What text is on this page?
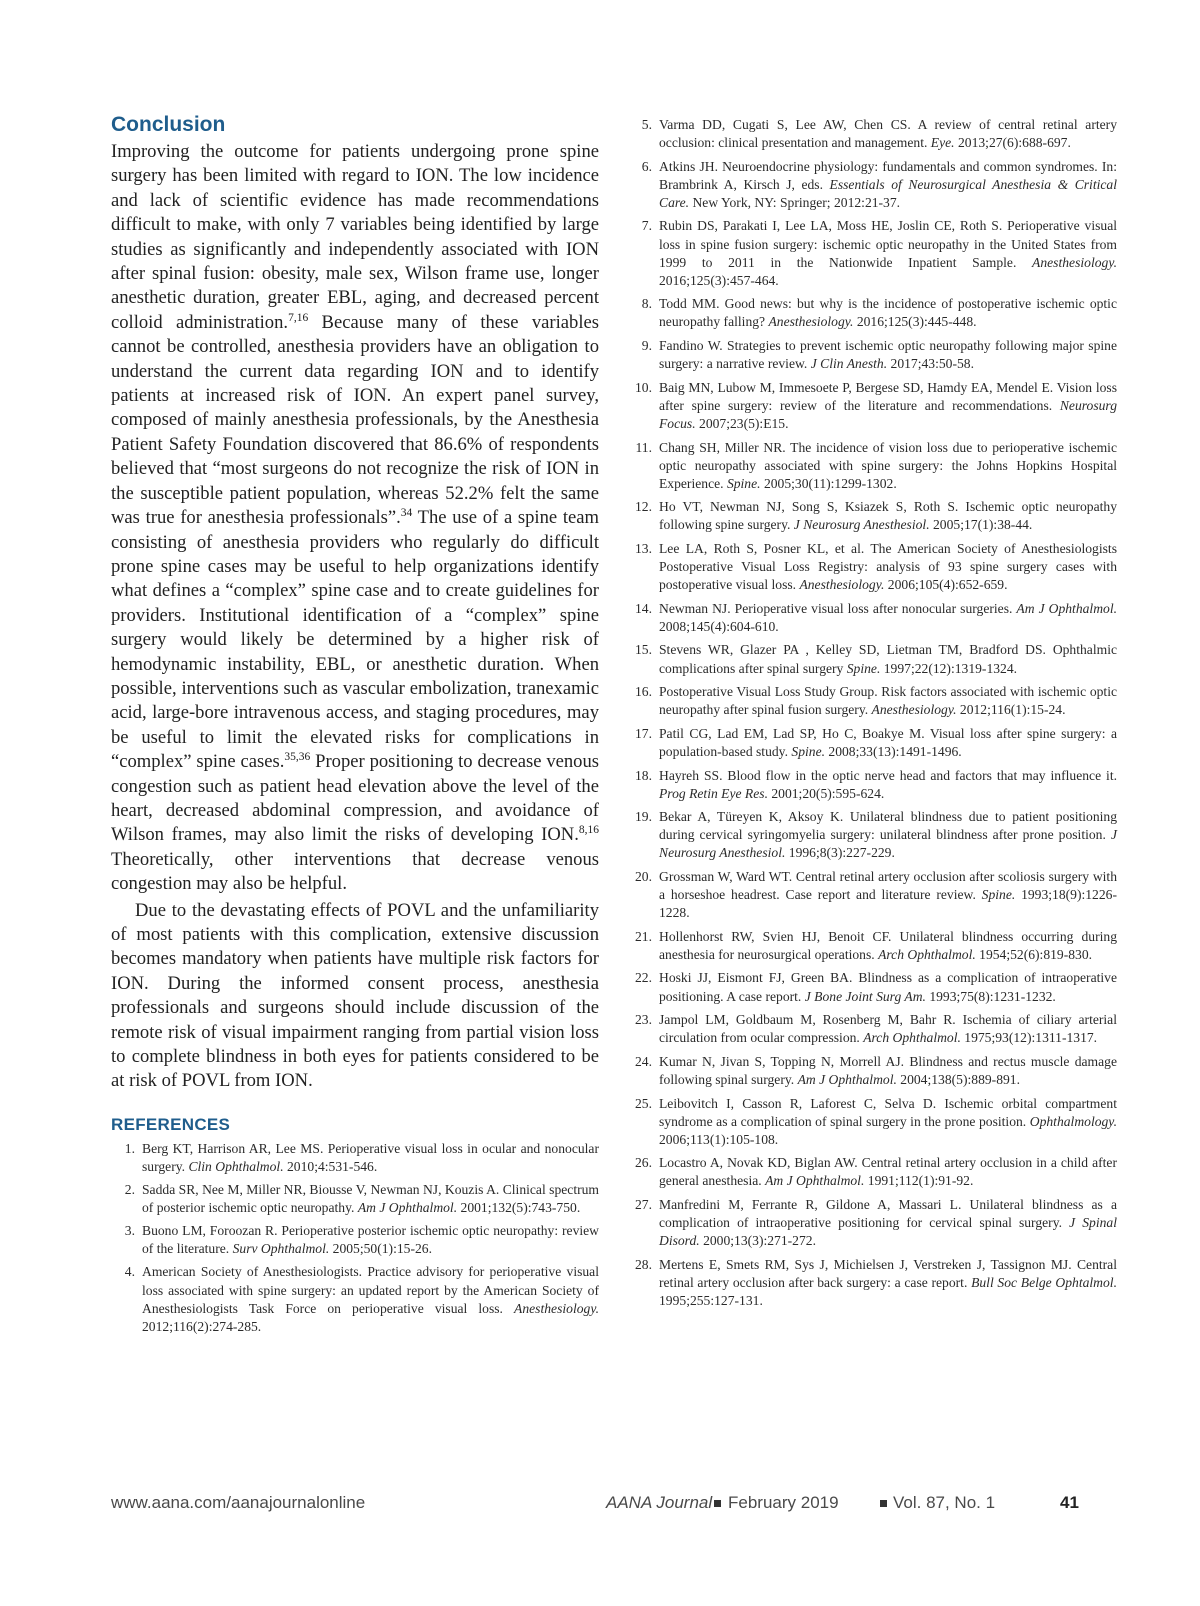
Conclusion

Improving the outcome for patients undergoing prone spine surgery has been limited with regard to ION. The low incidence and lack of scientific evidence has made recommendations difficult to make, with only 7 variables being identified by large studies as significantly and independently associated with ION after spinal fusion: obesity, male sex, Wilson frame use, longer anesthetic duration, greater EBL, aging, and decreased percent colloid administration.$^{7,16}$ Because many of these variables cannot be controlled, anesthesia providers have an obligation to understand the current data regarding ION and to identify patients at increased risk of ION. An expert panel survey, composed of mainly anesthesia professionals, by the Anesthesia Patient Safety Foundation discovered that 86.6% of respondents believed that “most surgeons do not recognize the risk of ION in the susceptible patient population, whereas 52.2% felt the same was true for anesthesia professionals”.$^{34}$ The use of a spine team consisting of anesthesia providers who regularly do difficult prone spine cases may be useful to help organizations identify what defines a “complex” spine case and to create guidelines for providers. Institutional identification of a “complex” spine surgery would likely be determined by a higher risk of hemodynamic instability, EBL, or anesthetic duration. When possible, interventions such as vascular embolization, tranexamic acid, large-bore intravenous access, and staging procedures, may be useful to limit the elevated risks for complications in “complex” spine cases.$^{35,36}$ Proper positioning to decrease venous congestion such as patient head elevation above the level of the heart, decreased abdominal compression, and avoidance of Wilson frames, may also limit the risks of developing ION.$^{8,16}$ Theoretically, other interventions that decrease venous congestion may also be helpful.

Due to the devastating effects of POVL and the unfamiliarity of most patients with this complication, extensive discussion becomes mandatory when patients have multiple risk factors for ION. During the informed consent process, anesthesia professionals and surgeons should include discussion of the remote risk of visual impairment ranging from partial vision loss to complete blindness in both eyes for patients considered to be at risk of POVL from ION.

REFERENCES
1. Berg KT, Harrison AR, Lee MS. Perioperative visual loss in ocular and nonocular surgery. Clin Ophthalmol. 2010;4:531-546.
2. Sadda SR, Nee M, Miller NR, Biousse V, Newman NJ, Kouzis A. Clinical spectrum of posterior ischemic optic neuropathy. Am J Ophthalmol. 2001;132(5):743-750.
3. Buono LM, Foroozan R. Perioperative posterior ischemic optic neuropathy: review of the literature. Surv Ophthalmol. 2005;50(1):15-26.
4. American Society of Anesthesiologists. Practice advisory for perioperative visual loss associated with spine surgery: an updated report by the American Society of Anesthesiologists Task Force on perioperative visual loss. Anesthesiology. 2012;116(2):274-285.
5. Varma DD, Cugati S, Lee AW, Chen CS. A review of central retinal artery occlusion: clinical presentation and management. Eye. 2013;27(6):688-697.
6. Atkins JH. Neuroendocrine physiology: fundamentals and common syndromes. In: Brambrink A, Kirsch J, eds. Essentials of Neurosurgical Anesthesia & Critical Care. New York, NY: Springer; 2012:21-37.
7. Rubin DS, Parakati I, Lee LA, Moss HE, Joslin CE, Roth S. Perioperative visual loss in spine fusion surgery: ischemic optic neuropathy in the United States from 1999 to 2011 in the Nationwide Inpatient Sample. Anesthesiology. 2016;125(3):457-464.
8. Todd MM. Good news: but why is the incidence of postoperative ischemic optic neuropathy falling? Anesthesiology. 2016;125(3):445-448.
9. Fandino W. Strategies to prevent ischemic optic neuropathy following major spine surgery: a narrative review. J Clin Anesth. 2017;43:50-58.
10. Baig MN, Lubow M, Immesoete P, Bergese SD, Hamdy EA, Mendel E. Vision loss after spine surgery: review of the literature and recommendations. Neurosurg Focus. 2007;23(5):E15.
11. Chang SH, Miller NR. The incidence of vision loss due to perioperative ischemic optic neuropathy associated with spine surgery: the Johns Hopkins Hospital Experience. Spine. 2005;30(11):1299-1302.
12. Ho VT, Newman NJ, Song S, Ksiazek S, Roth S. Ischemic optic neuropathy following spine surgery. J Neurosurg Anesthesiol. 2005;17(1):38-44.
13. Lee LA, Roth S, Posner KL, et al. The American Society of Anesthesiologists Postoperative Visual Loss Registry: analysis of 93 spine surgery cases with postoperative visual loss. Anesthesiology. 2006;105(4):652-659.
14. Newman NJ. Perioperative visual loss after nonocular surgeries. Am J Ophthalmol. 2008;145(4):604-610.
15. Stevens WR, Glazer PA , Kelley SD, Lietman TM, Bradford DS. Ophthalmic complications after spinal surgery Spine. 1997;22(12):1319-1324.
16. Postoperative Visual Loss Study Group. Risk factors associated with ischemic optic neuropathy after spinal fusion surgery. Anesthesiology. 2012;116(1):15-24.
17. Patil CG, Lad EM, Lad SP, Ho C, Boakye M. Visual loss after spine surgery: a population-based study. Spine. 2008;33(13):1491-1496.
18. Hayreh SS. Blood flow in the optic nerve head and factors that may influence it. Prog Retin Eye Res. 2001;20(5):595-624.
19. Bekar A, Türeyen K, Aksoy K. Unilateral blindness due to patient positioning during cervical syringomyelia surgery: unilateral blindness after prone position. J Neurosurg Anesthesiol. 1996;8(3):227-229.
20. Grossman W, Ward WT. Central retinal artery occlusion after scoliosis surgery with a horseshoe headrest. Case report and literature review. Spine. 1993;18(9):1226-1228.
21. Hollenhorst RW, Svien HJ, Benoit CF. Unilateral blindness occurring during anesthesia for neurosurgical operations. Arch Ophthalmol. 1954;52(6):819-830.
22. Hoski JJ, Eismont FJ, Green BA. Blindness as a complication of intraoperative positioning. A case report. J Bone Joint Surg Am. 1993;75(8):1231-1232.
23. Jampol LM, Goldbaum M, Rosenberg M, Bahr R. Ischemia of ciliary arterial circulation from ocular compression. Arch Ophthalmol. 1975;93(12):1311-1317.
24. Kumar N, Jivan S, Topping N, Morrell AJ. Blindness and rectus muscle damage following spinal surgery. Am J Ophthalmol. 2004;138(5):889-891.
25. Leibovitch I, Casson R, Laforest C, Selva D. Ischemic orbital compartment syndrome as a complication of spinal surgery in the prone position. Ophthalmology. 2006;113(1):105-108.
26. Locastro A, Novak KD, Biglan AW. Central retinal artery occlusion in a child after general anesthesia. Am J Ophthalmol. 1991;112(1):91-92.
27. Manfredini M, Ferrante R, Gildone A, Massari L. Unilateral blindness as a complication of intraoperative positioning for cervical spinal surgery. J Spinal Disord. 2000;13(3):271-272.
28. Mertens E, Smets RM, Sys J, Michielsen J, Verstreken J, Tassignon MJ. Central retinal artery occlusion after back surgery: a case report. Bull Soc Belge Ophtalmol. 1995;255:127-131.
www.aana.com/aanajournalonline	AANA Journal February 2019	Vol. 87, No. 1	41
